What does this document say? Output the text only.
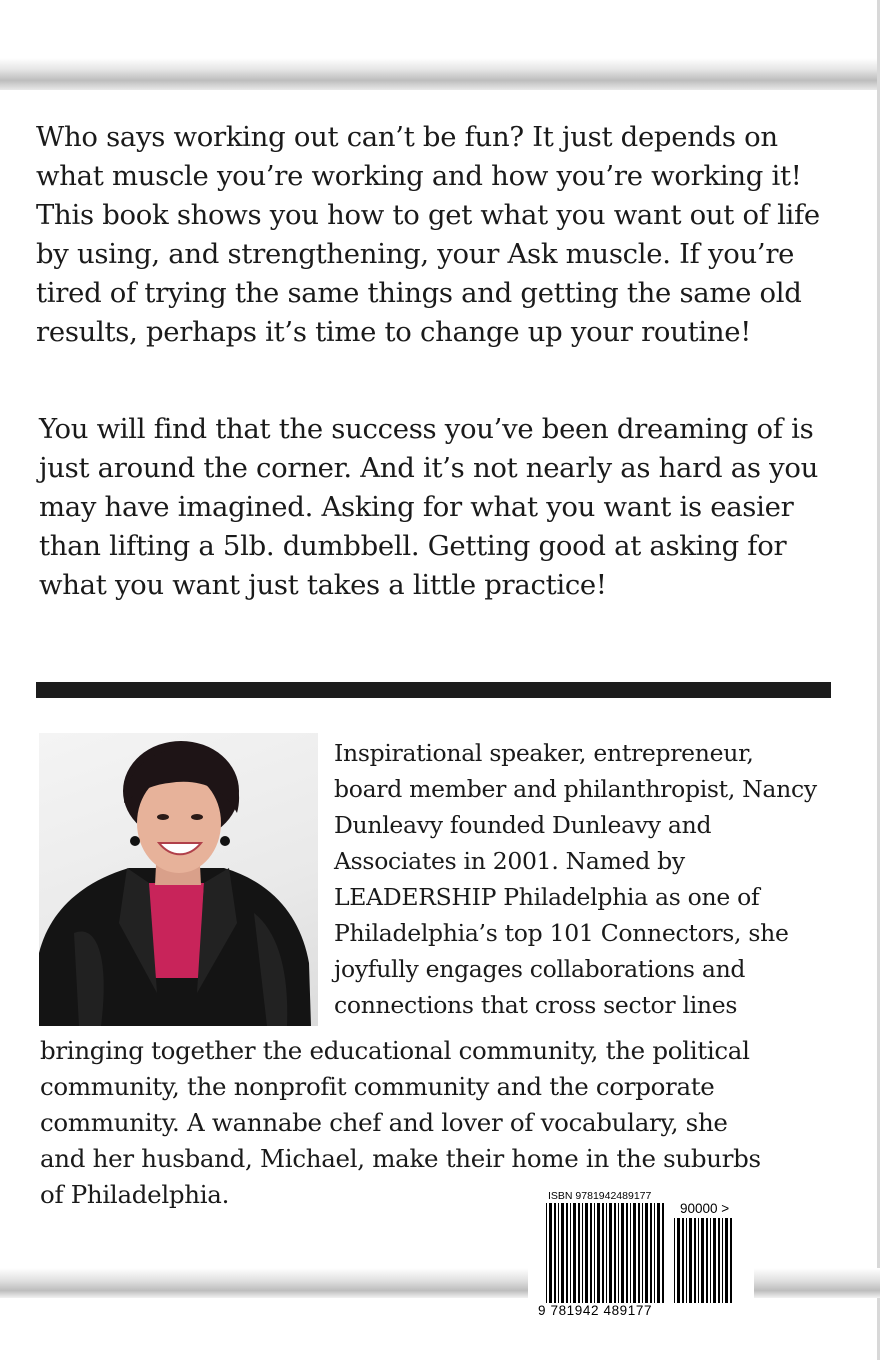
Who says working out can’t be fun? It just depends on what muscle you’re working and how you’re working it! This book shows you how to get what you want out of life by using, and strengthening, your Ask muscle. If you’re tired of trying the same things and getting the same old results, perhaps it’s time to change up your routine!

You will find that the success you’ve been dreaming of is just around the corner. And it’s not nearly as hard as you may have imagined. Asking for what you want is easier than lifting a 5lb. dumbbell. Getting good at asking for what you want just takes a little practice!

Inspirational speaker, entrepreneur,

board member and philanthropist, Nancy

Dunleavy founded Dunleavy and

Associates in 2001. Named by

LEADERSHIP Philadelphia as one of

Philadelphia’s top 101 Connectors, she

joyfully engages collaborations and

connections that cross sector lines

bringing together the educational community, the political

community, the nonprofit community and the corporate

community. A wannabe chef and lover of vocabulary, she

and her husband, Michael, make their home in the suburbs

of Philadelphia.	ISBN 9781942489177
90000 >
9 781942 489177
